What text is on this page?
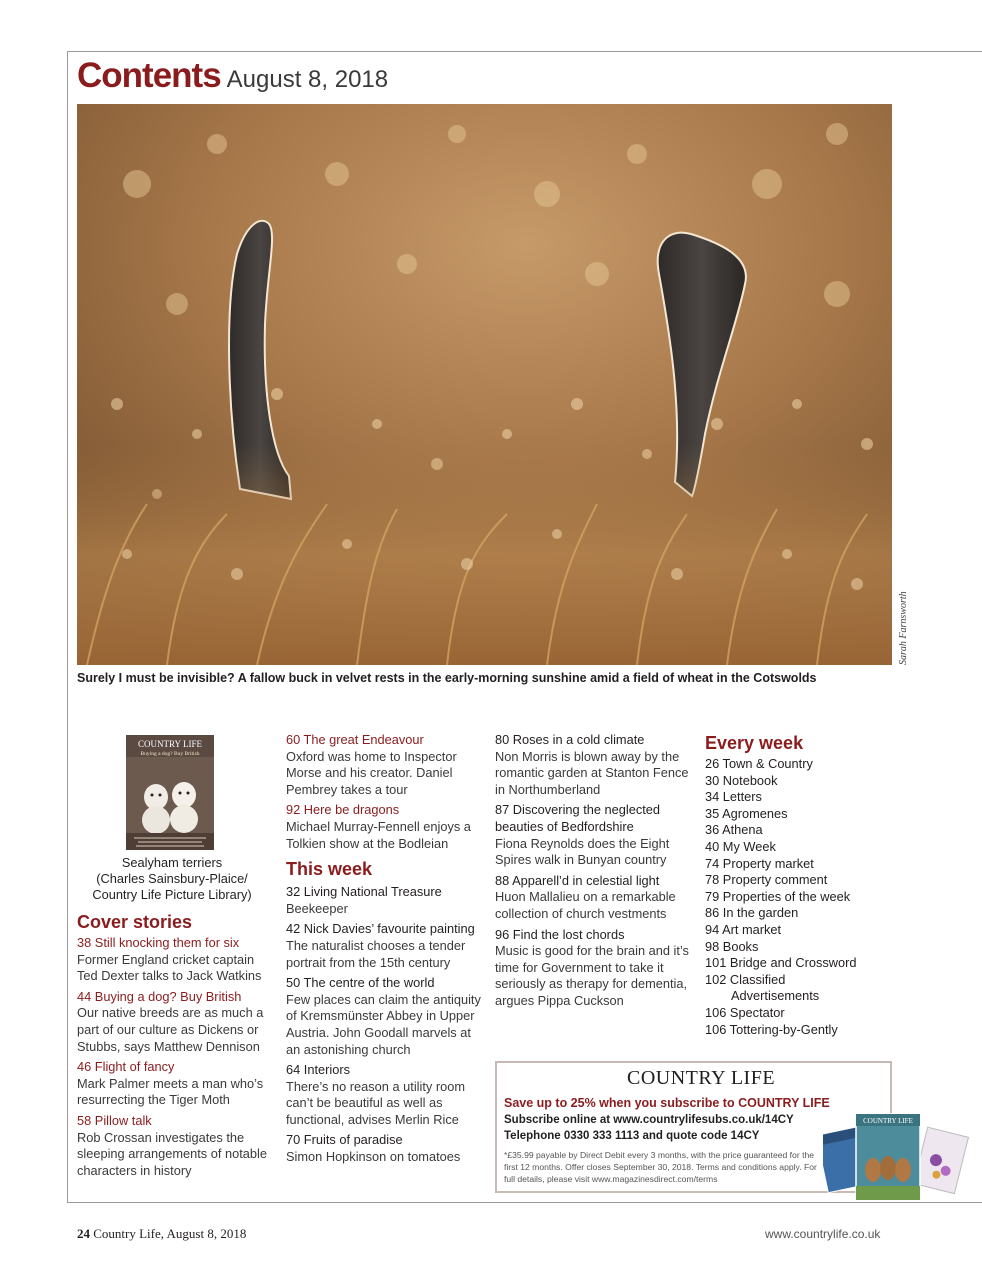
Contents August 8, 2018
Sarah Farnsworth
Surely I must be invisible? A fallow buck in velvet rests in the early-morning sunshine amid a field of wheat in the Cotswolds
COUNTRY LIFE
Buying a dog? Buy British
Sealyham terriers
(Charles Sainsbury-Plaice/
Country Life Picture Library)
Cover stories
38 Still knocking them for six
Former England cricket captain Ted Dexter talks to Jack Watkins
44 Buying a dog? Buy British
Our native breeds are as much a part of our culture as Dickens or Stubbs, says Matthew Dennison
46 Flight of fancy
Mark Palmer meets a man who’s resurrecting the Tiger Moth
58 Pillow talk
Rob Crossan investigates the sleeping arrangements of notable characters in history
60 The great Endeavour
Oxford was home to Inspector Morse and his creator. Daniel Pembrey takes a tour
92 Here be dragons
Michael Murray-Fennell enjoys a Tolkien show at the Bodleian
This week
32 Living National Treasure
Beekeeper
42 Nick Davies’ favourite painting
The naturalist chooses a tender portrait from the 15th century
50 The centre of the world
Few places can claim the antiquity of Kremsmünster Abbey in Upper Austria. John Goodall marvels at an astonishing church
64 Interiors
There’s no reason a utility room can’t be beautiful as well as functional, advises Merlin Rice
70 Fruits of paradise
Simon Hopkinson on tomatoes
80 Roses in a cold climate
Non Morris is blown away by the romantic garden at Stanton Fence in Northumberland
87 Discovering the neglected beauties of Bedfordshire
Fiona Reynolds does the Eight Spires walk in Bunyan country
88 Apparell’d in celestial light
Huon Mallalieu on a remarkable collection of church vestments
96 Find the lost chords
Music is good for the brain and it’s time for Government to take it seriously as therapy for dementia, argues Pippa Cuckson
Every week
26 Town & Country
30 Notebook
34 Letters
35 Agromenes
36 Athena
40 My Week
74 Property market
78 Property comment
79 Properties of the week
86 In the garden
94 Art market
98 Books
101 Bridge and Crossword
102 Classified
Advertisements
106 Spectator
106 Tottering-by-Gently
COUNTRY LIFE
Save up to 25% when you subscribe to COUNTRY LIFE
Subscribe online at www.countrylifesubs.co.uk/14CY
Telephone 0330 333 1113 and quote code 14CY
*£35.99 payable by Direct Debit every 3 months, with the price guaranteed for the first 12 months. Offer closes September 30, 2018. Terms and conditions apply. For full details, please visit www.magazinesdirect.com/terms
COUNTRY LIFE
24 Country Life, August 8, 2018	www.countrylife.co.uk
